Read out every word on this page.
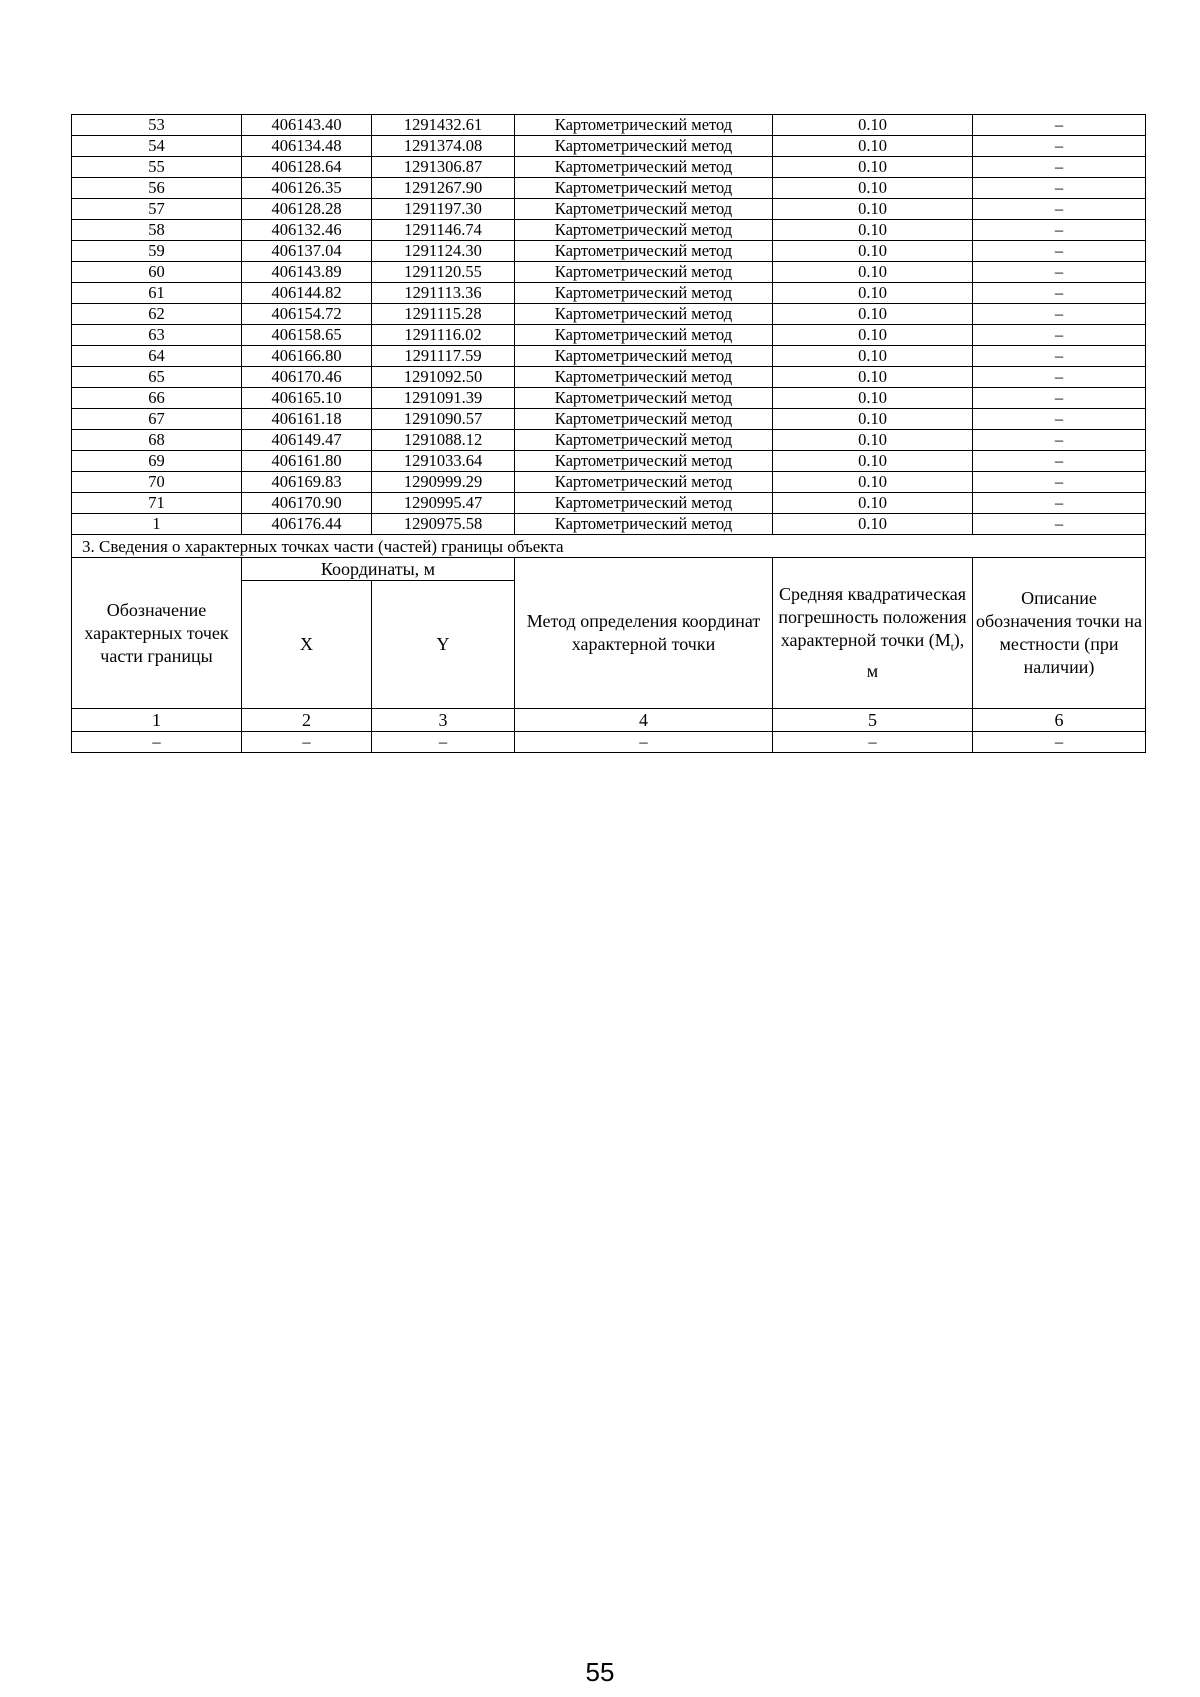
53	406143.40	1291432.61	Картометрический метод	0.10	–
54	406134.48	1291374.08	Картометрический метод	0.10	–
55	406128.64	1291306.87	Картометрический метод	0.10	–
56	406126.35	1291267.90	Картометрический метод	0.10	–
57	406128.28	1291197.30	Картометрический метод	0.10	–
58	406132.46	1291146.74	Картометрический метод	0.10	–
59	406137.04	1291124.30	Картометрический метод	0.10	–
60	406143.89	1291120.55	Картометрический метод	0.10	–
61	406144.82	1291113.36	Картометрический метод	0.10	–
62	406154.72	1291115.28	Картометрический метод	0.10	–
63	406158.65	1291116.02	Картометрический метод	0.10	–
64	406166.80	1291117.59	Картометрический метод	0.10	–
65	406170.46	1291092.50	Картометрический метод	0.10	–
66	406165.10	1291091.39	Картометрический метод	0.10	–
67	406161.18	1291090.57	Картометрический метод	0.10	–
68	406149.47	1291088.12	Картометрический метод	0.10	–
69	406161.80	1291033.64	Картометрический метод	0.10	–
70	406169.83	1290999.29	Картометрический метод	0.10	–
71	406170.90	1290995.47	Картометрический метод	0.10	–
1	406176.44	1290975.58	Картометрический метод	0.10	–
3. Сведения о характерных точках части (частей) границы объекта					
Обозначение характерных точек части границы	Координаты, м		Метод определения координат характерной точки	Средняя квадратическая погрешность положения характерной точки $(M_t)$, м	Описание обозначения точки на местности (при наличии)
	X	Y			
1	2	3	4	5	6
–	–	–	–	–	–
55
